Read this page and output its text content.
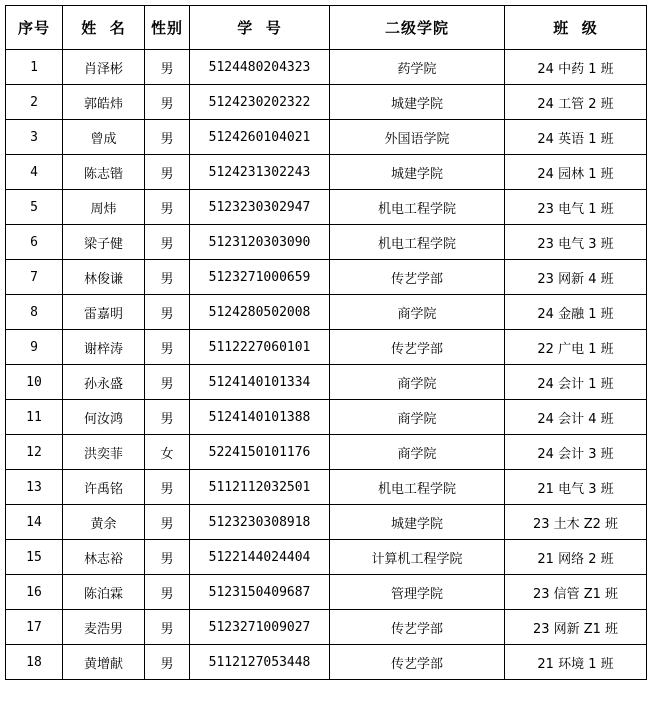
序号	姓  名	性别	学  号	二级学院	班  级
1	肖泽彬	男	5124480204323	药学院	24 中药 1 班
2	郭皓炜	男	5124230202322	城建学院	24 工管 2 班
3	曾成	男	5124260104021	外国语学院	24 英语 1 班
4	陈志锴	男	5124231302243	城建学院	24 园林 1 班
5	周炜	男	5123230302947	机电工程学院	23 电气 1 班
6	梁子健	男	5123120303090	机电工程学院	23 电气 3 班
7	林俊谦	男	5123271000659	传艺学部	23 网新 4 班
8	雷嘉明	男	5124280502008	商学院	24 金融 1 班
9	谢梓涛	男	5112227060101	传艺学部	22 广电 1 班
10	孙永盛	男	5124140101334	商学院	24 会计 1 班
11	何汝鸿	男	5124140101388	商学院	24 会计 4 班
12	洪奕菲	女	5224150101176	商学院	24 会计 3 班
13	许禹铭	男	5112112032501	机电工程学院	21 电气 3 班
14	黄余	男	5123230308918	城建学院	23 土木 Z2 班
15	林志裕	男	5122144024404	计算机工程学院	21 网络 2 班
16	陈泊霖	男	5123150409687	管理学院	23 信管 Z1 班
17	麦浩男	男	5123271009027	传艺学部	23 网新 Z1 班
18	黄增献	男	5112127053448	传艺学部	21 环境 1 班
